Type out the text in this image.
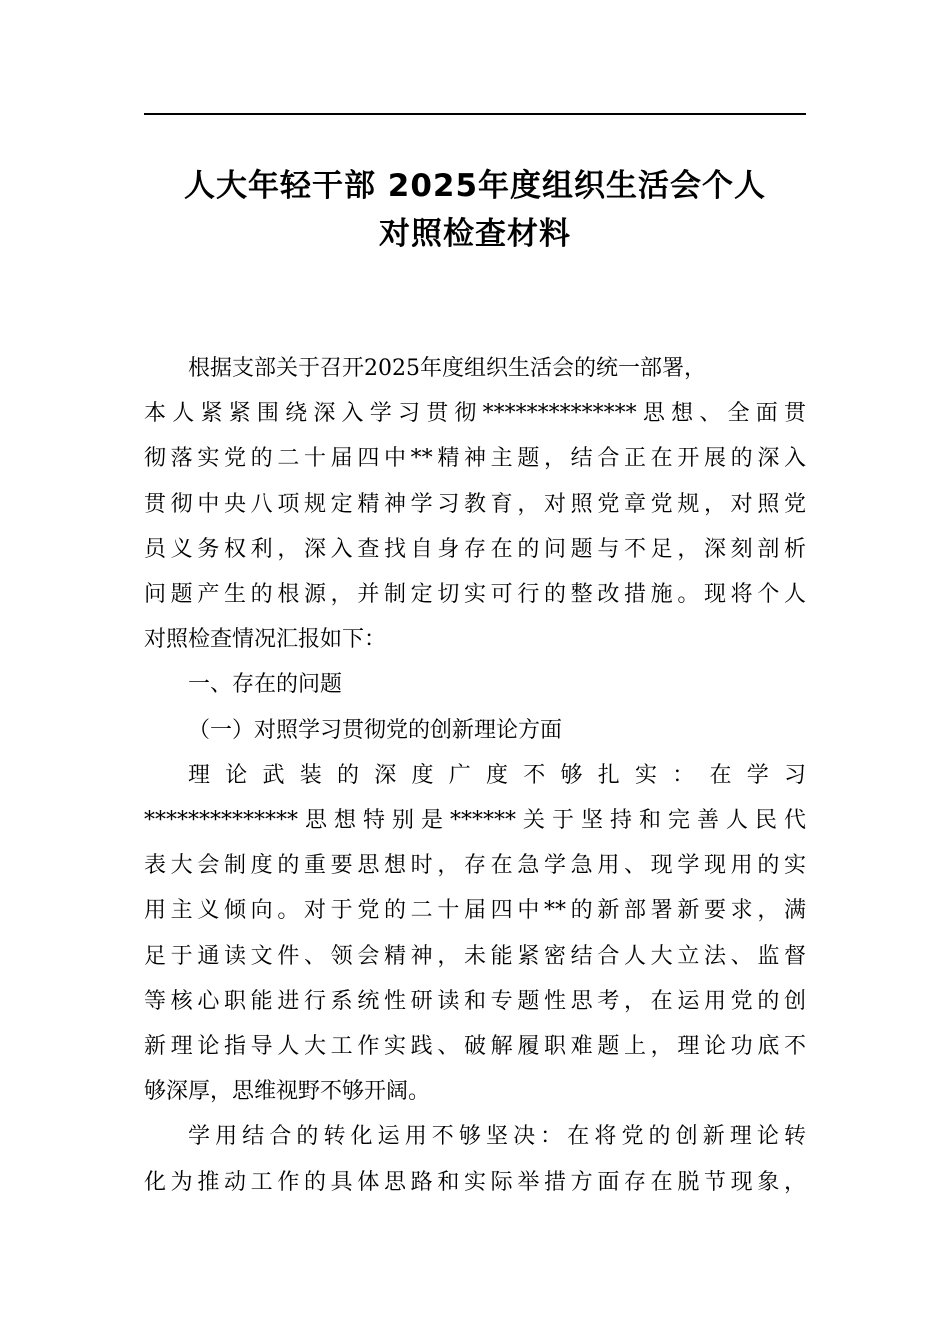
人大年轻干部 2025年度组织生活会个人
对照检查材料
根据支部关于召开2025年度组织生活会的统一部署，
本人紧紧围绕深入学习贯彻**************思想、全面贯
彻落实党的二十届四中**精神主题，结合正在开展的深入
贯彻中央八项规定精神学习教育，对照党章党规，对照党
员义务权利，深入查找自身存在的问题与不足，深刻剖析
问题产生的根源，并制定切实可行的整改措施。现将个人
对照检查情况汇报如下：
一、存在的问题
（一）对照学习贯彻党的创新理论方面
理论武装的深度广度不够扎实：在学习
**************思想特别是******关于坚持和完善人民代
表大会制度的重要思想时，存在急学急用、现学现用的实
用主义倾向。对于党的二十届四中**的新部署新要求，满
足于通读文件、领会精神，未能紧密结合人大立法、监督
等核心职能进行系统性研读和专题性思考，在运用党的创
新理论指导人大工作实践、破解履职难题上，理论功底不
够深厚，思维视野不够开阔。
学用结合的转化运用不够坚决：在将党的创新理论转
化为推动工作的具体思路和实际举措方面存在脱节现象，
